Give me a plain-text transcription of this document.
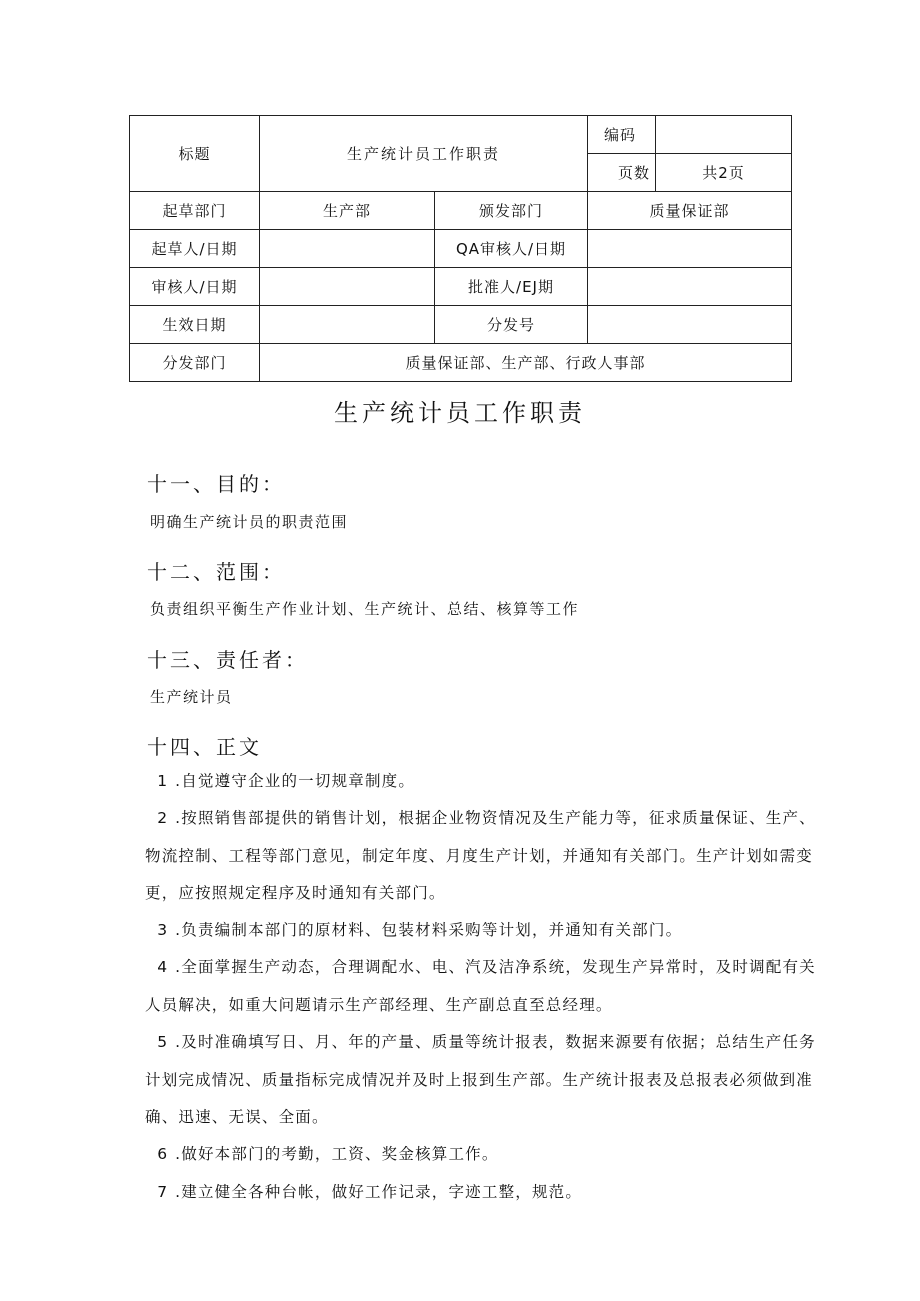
标题	生产统计员工作职责		编码	
			页数	共2页
起草部门	生产部	颁发部门	质量保证部	
起草人/日期		QA审核人/日期		
审核人/日期		批准人/EJ期		
生效日期		分发号		
分发部门	质量保证部、生产部、行政人事部			
生产统计员工作职责
十一、目的：

明确生产统计员的职责范围

十二、范围：

负责组织平衡生产作业计划、生产统计、总结、核算等工作

十三、责任者：

生产统计员

十四、正文

1.自觉遵守企业的一切规章制度。

2.按照销售部提供的销售计划，根据企业物资情况及生产能力等，征求质量保证、生产、物流控制、工程等部门意见，制定年度、月度生产计划，并通知有关部门。生产计划如需变更，应按照规定程序及时通知有关部门。

3.负责编制本部门的原材料、包装材料采购等计划，并通知有关部门。

4.全面掌握生产动态，合理调配水、电、汽及洁净系统，发现生产异常时，及时调配有关人员解决，如重大问题请示生产部经理、生产副总直至总经理。

5.及时准确填写日、月、年的产量、质量等统计报表，数据来源要有依据；总结生产任务计划完成情况、质量指标完成情况并及时上报到生产部。生产统计报表及总报表必须做到准确、迅速、无误、全面。

6.做好本部门的考勤，工资、奖金核算工作。

7.建立健全各种台帐，做好工作记录，字迹工整，规范。
